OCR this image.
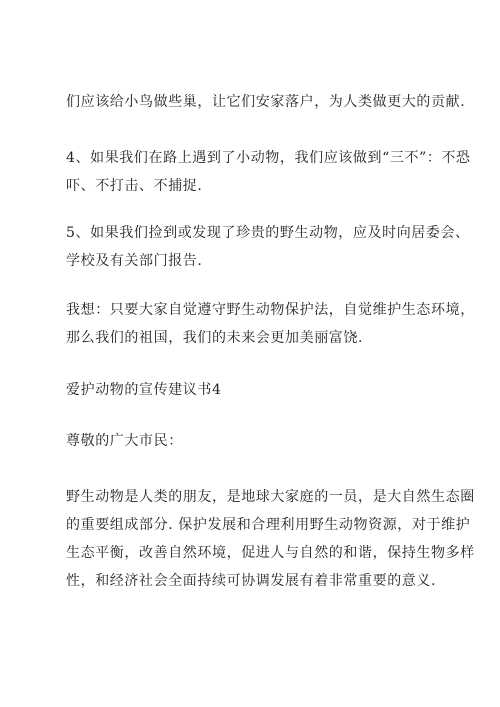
们应该给小鸟做些巢，让它们安家落户，为人类做更大的贡献.

4、如果我们在路上遇到了小动物，我们应该做到“三不”：不恐
吓、不打击、不捕捉.

5、如果我们捡到或发现了珍贵的野生动物，应及时向居委会、
学校及有关部门报告.

我想：只要大家自觉遵守野生动物保护法，自觉维护生态环境，
那么我们的祖国，我们的未来会更加美丽富饶.

爱护动物的宣传建议书4

尊敬的广大市民：

野生动物是人类的朋友，是地球大家庭的一员，是大自然生态圈
的重要组成部分. 保护发展和合理利用野生动物资源，对于维护
生态平衡，改善自然环境，促进人与自然的和谐，保持生物多样
性，和经济社会全面持续可协调发展有着非常重要的意义.
